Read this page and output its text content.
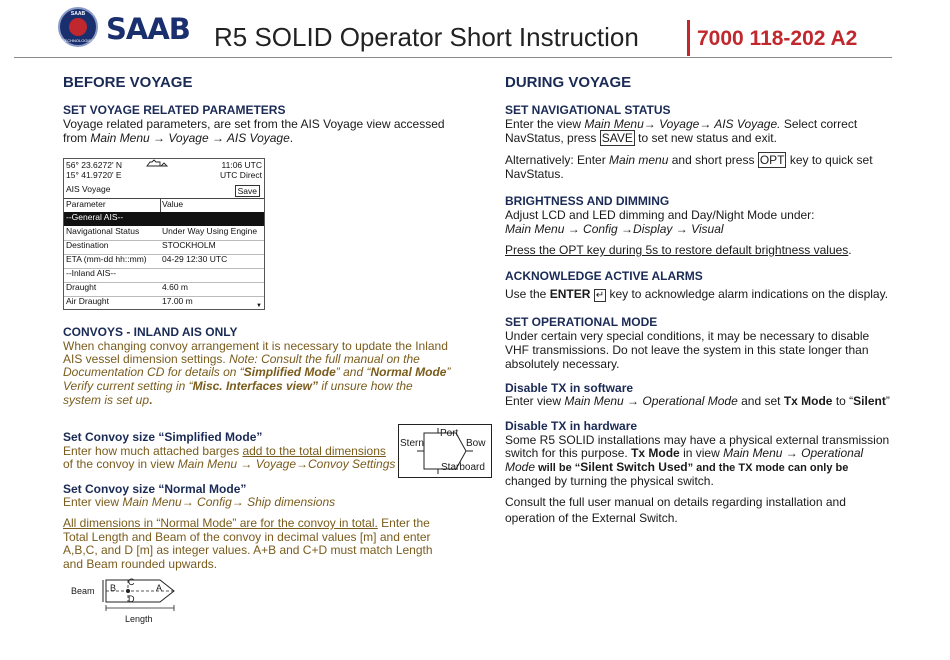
SAAB
TECHNOLOGIES SAAB R5 SOLID Operator Short Instruction	7000 118-202 A2
BEFORE VOYAGE
SET VOYAGE RELATED PARAMETERS
Voyage related parameters, are set from the AIS Voyage view accessed
from Main Menu → Voyage → AIS Voyage.
56° 23.6272' N	11:06 UTC
15° 41.9720' E	UTC Direct
AIS Voyage	Save
Parameter	Value
--General AIS--
Navigational Status	Under Way Using Engine
Destination	STOCKHOLM
ETA (mm-dd hh::mm) 04-29 12:30 UTC
--Inland AIS--
Draught	4.60 m
Air Draught	17.00 m	▼
CONVOYS - INLAND AIS ONLY
When changing convoy arrangement it is necessary to update the Inland
AIS vessel dimension settings. Note: Consult the full manual on the
Documentation CD for details on “Simplified Mode” and “Normal Mode”
Verify current setting in “Misc. Interfaces view” if unsure how the
system is set up.
Set Convoy size “Simplified Mode”
Enter how much attached barges add to the total dimensions
of the convoy in view Main Menu → Voyage→Convoy Settings
Port
Stern	Bow
Starboard
Set Convoy size “Normal Mode”
Enter view Main Menu→ Config→ Ship dimensions
All dimensions in “Normal Mode” are for the convoy in total. Enter the
Total Length and Beam of the convoy in decimal values [m] and enter
A,B,C, and D [m] as integer values. A+B and C+D must match Length
and Beam rounded upwards.
Beam B
C
D
A
Length
DURING VOYAGE
SET NAVIGATIONAL STATUS
Enter the view Main Menu→ Voyage→ AIS Voyage. Select correct
NavStatus, press SAVE to set new status and exit.
Alternatively: Enter Main menu and short press OPT key to quick set
NavStatus.
BRIGHTNESS AND DIMMING
Adjust LCD and LED dimming and Day/Night Mode under:
Main Menu → Config →Display → Visual
Press the OPT key during 5s to restore default brightness values.
ACKNOWLEDGE ACTIVE ALARMS
Use the ENTER ↵ key to acknowledge alarm indications on the display.
SET OPERATIONAL MODE
Under certain very special conditions, it may be necessary to disable
VHF transmissions. Do not leave the system in this state longer than
absolutely necessary.
Disable TX in software
Enter view Main Menu → Operational Mode and set Tx Mode to “Silent”
Disable TX in hardware
Some R5 SOLID installations may have a physical external transmission
switch for this purpose. Tx Mode in view Main Menu → Operational
Mode will be “Silent Switch Used” and the TX mode can only be
changed by turning the physical switch.
Consult the full user manual on details regarding installation and
operation of the External Switch.
